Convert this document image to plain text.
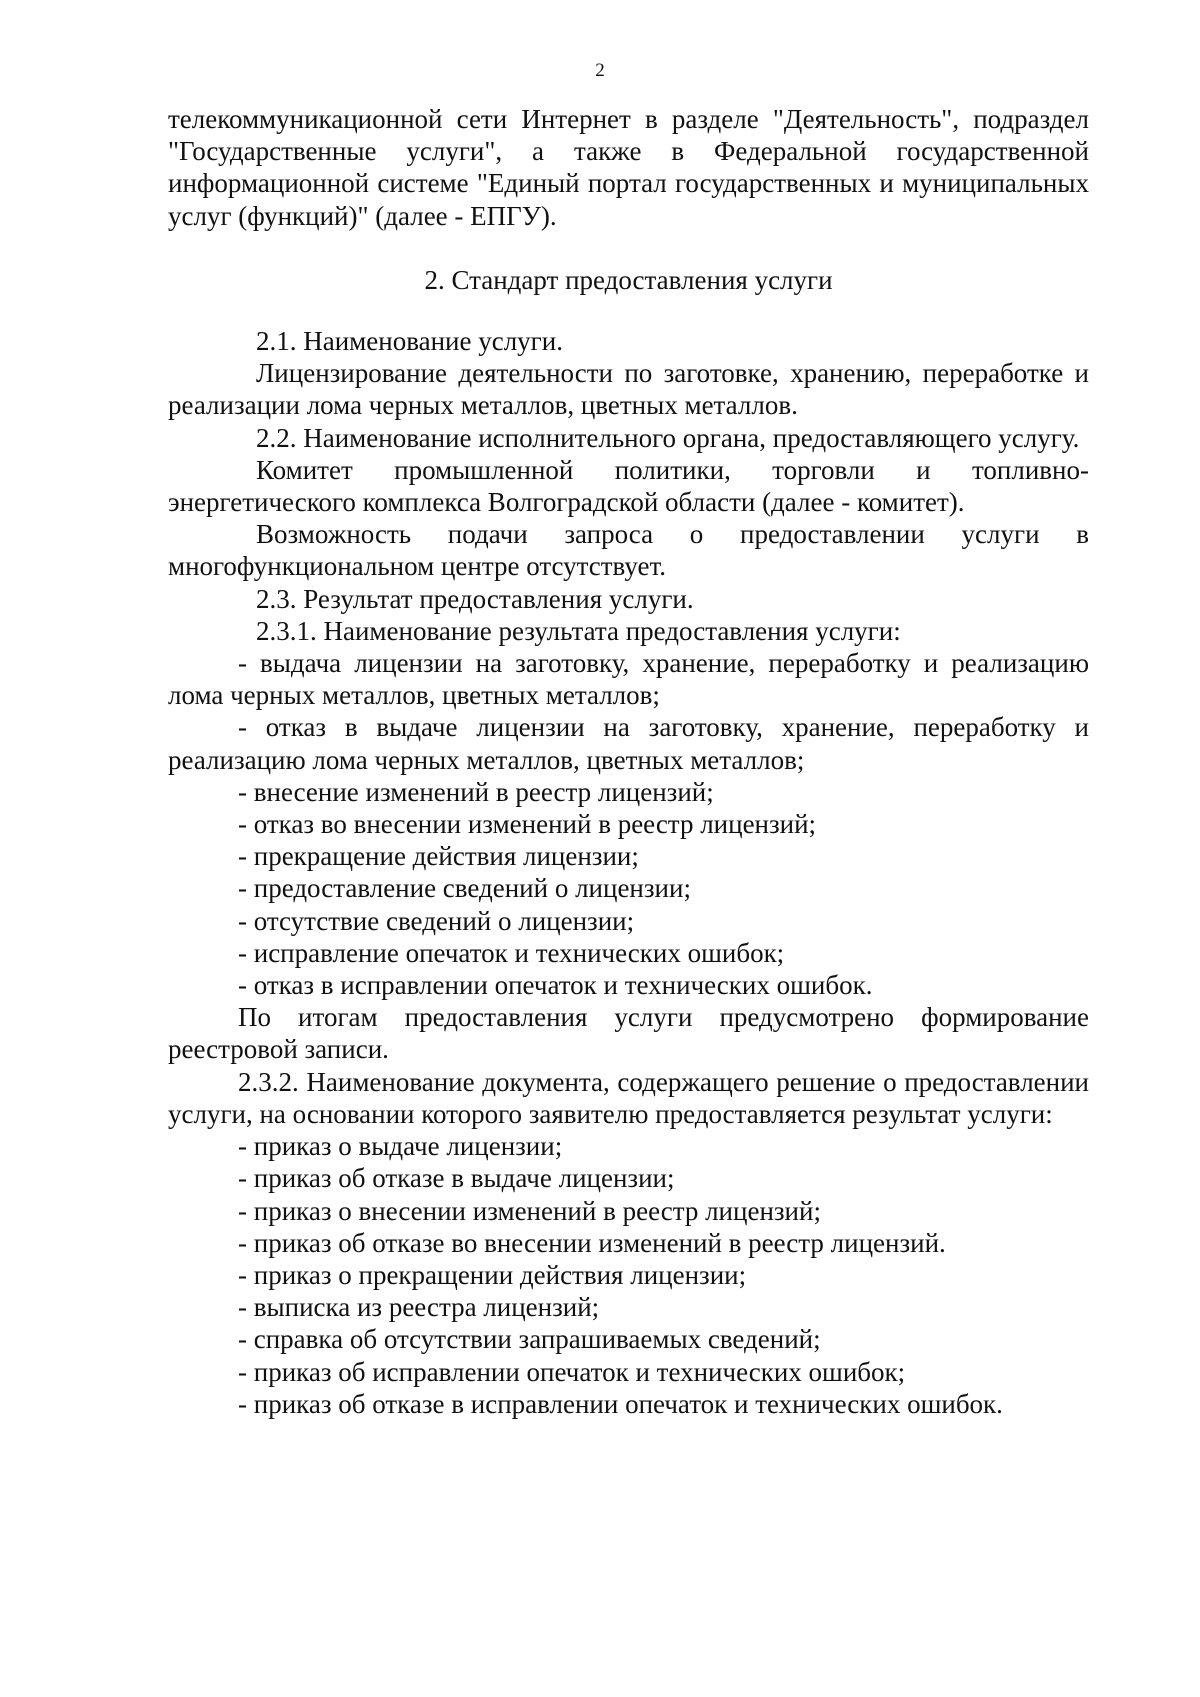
2

телекоммуникационной сети Интернет в разделе "Деятельность", подраздел "Государственные услуги", а также в Федеральной государственной информационной системе "Единый портал государственных и муниципальных услуг (функций)" (далее - ЕПГУ).

2. Стандарт предоставления услуги

2.1. Наименование услуги.

Лицензирование деятельности по заготовке, хранению, переработке и реализации лома черных металлов, цветных металлов.

2.2. Наименование исполнительного органа, предоставляющего услугу.

Комитет промышленной политики, торговли и топливно-энергетического комплекса Волгоградской области (далее - комитет).

Возможность подачи запроса о предоставлении услуги в многофункциональном центре отсутствует.

2.3. Результат предоставления услуги.

2.3.1. Наименование результата предоставления услуги:

- выдача лицензии на заготовку, хранение, переработку и реализацию лома черных металлов, цветных металлов;

- отказ в выдаче лицензии на заготовку, хранение, переработку и реализацию лома черных металлов, цветных металлов;

- внесение изменений в реестр лицензий;

- отказ во внесении изменений в реестр лицензий;

- прекращение действия лицензии;

- предоставление сведений о лицензии;

- отсутствие сведений о лицензии;

- исправление опечаток и технических ошибок;

- отказ в исправлении опечаток и технических ошибок.

По итогам предоставления услуги предусмотрено формирование реестровой записи.

2.3.2. Наименование документа, содержащего решение о предоставлении услуги, на основании которого заявителю предоставляется результат услуги:

- приказ о выдаче лицензии;

- приказ об отказе в выдаче лицензии;

- приказ о внесении изменений в реестр лицензий;

- приказ об отказе во внесении изменений в реестр лицензий.

- приказ о прекращении действия лицензии;

- выписка из реестра лицензий;

- справка об отсутствии запрашиваемых сведений;

- приказ об исправлении опечаток и технических ошибок;

- приказ об отказе в исправлении опечаток и технических ошибок.
